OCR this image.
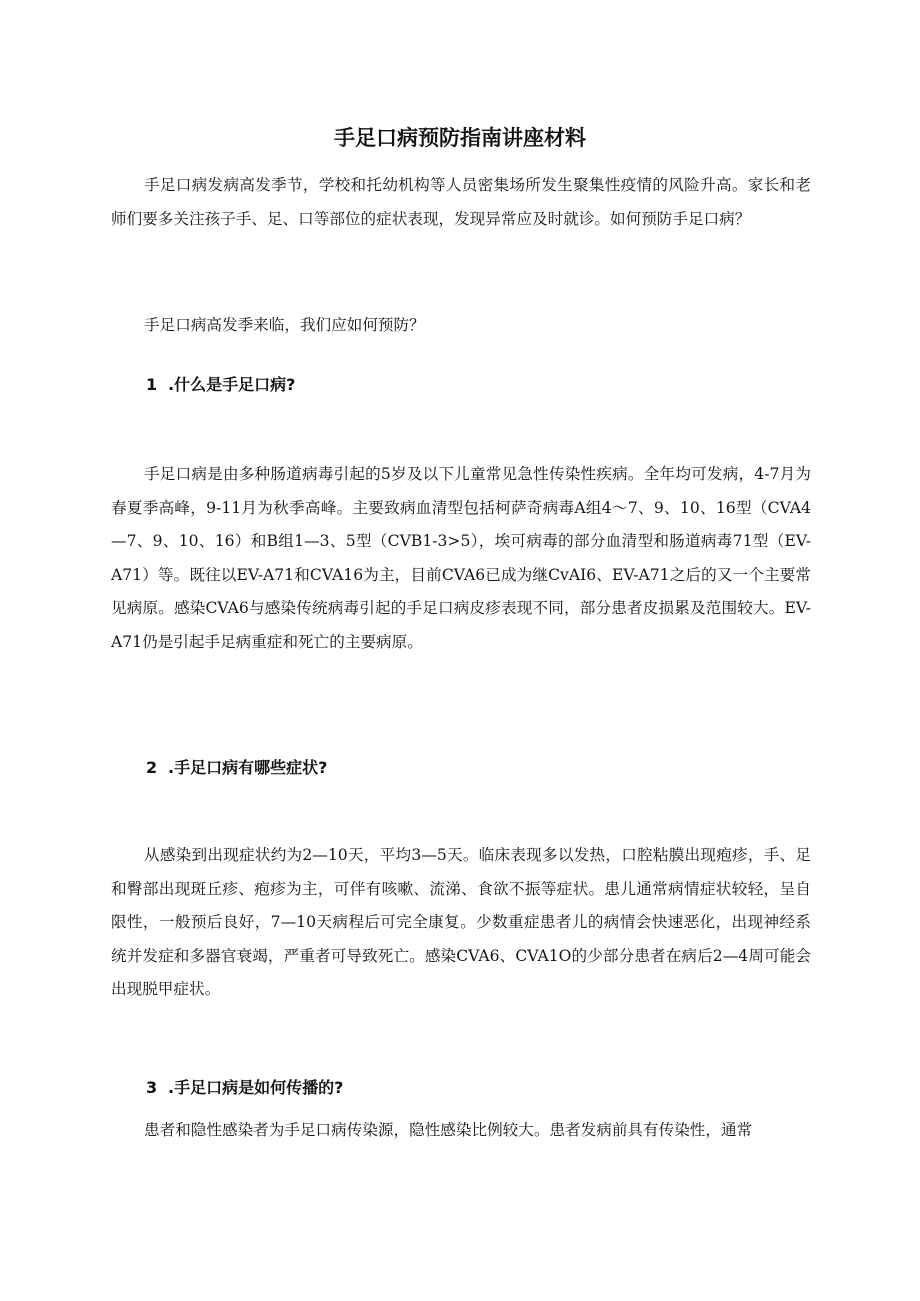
手足口病预防指南讲座材料

手足口病发病高发季节，学校和托幼机构等人员密集场所发生聚集性疫情的风险升高。家长和老师们要多关注孩子手、足、口等部位的症状表现，发现异常应及时就诊。如何预防手足口病？

手足口病高发季来临，我们应如何预防？

1 .什么是手足口病?

手足口病是由多种肠道病毒引起的5岁及以下儿童常见急性传染性疾病。全年均可发病，4-7月为春夏季高峰，9-11月为秋季高峰。主要致病血清型包括柯萨奇病毒A组4～7、9、10、16型（CVA4—7、9、10、16）和B组1—3、5型（CVB1-3>5），埃可病毒的部分血清型和肠道病毒71型（EV-A71）等。既往以EV-A71和CVA16为主，目前CVA6已成为继CvAI6、EV-A71之后的又一个主要常见病原。感染CVA6与感染传统病毒引起的手足口病皮疹表现不同，部分患者皮损累及范围较大。EV-A71仍是引起手足病重症和死亡的主要病原。

2 .手足口病有哪些症状?

从感染到出现症状约为2—10天，平均3—5天。临床表现多以发热，口腔粘膜出现疱疹，手、足和臀部出现斑丘疹、疱疹为主，可伴有咳嗽、流涕、食欲不振等症状。患儿通常病情症状较轻，呈自限性，一般预后良好，7—10天病程后可完全康复。少数重症患者儿的病情会快速恶化，出现神经系统并发症和多器官衰竭，严重者可导致死亡。感染CVA6、CVA1O的少部分患者在病后2—4周可能会出现脱甲症状。

3 .手足口病是如何传播的?

患者和隐性感染者为手足口病传染源，隐性感染比例较大。患者发病前具有传染性，通常
